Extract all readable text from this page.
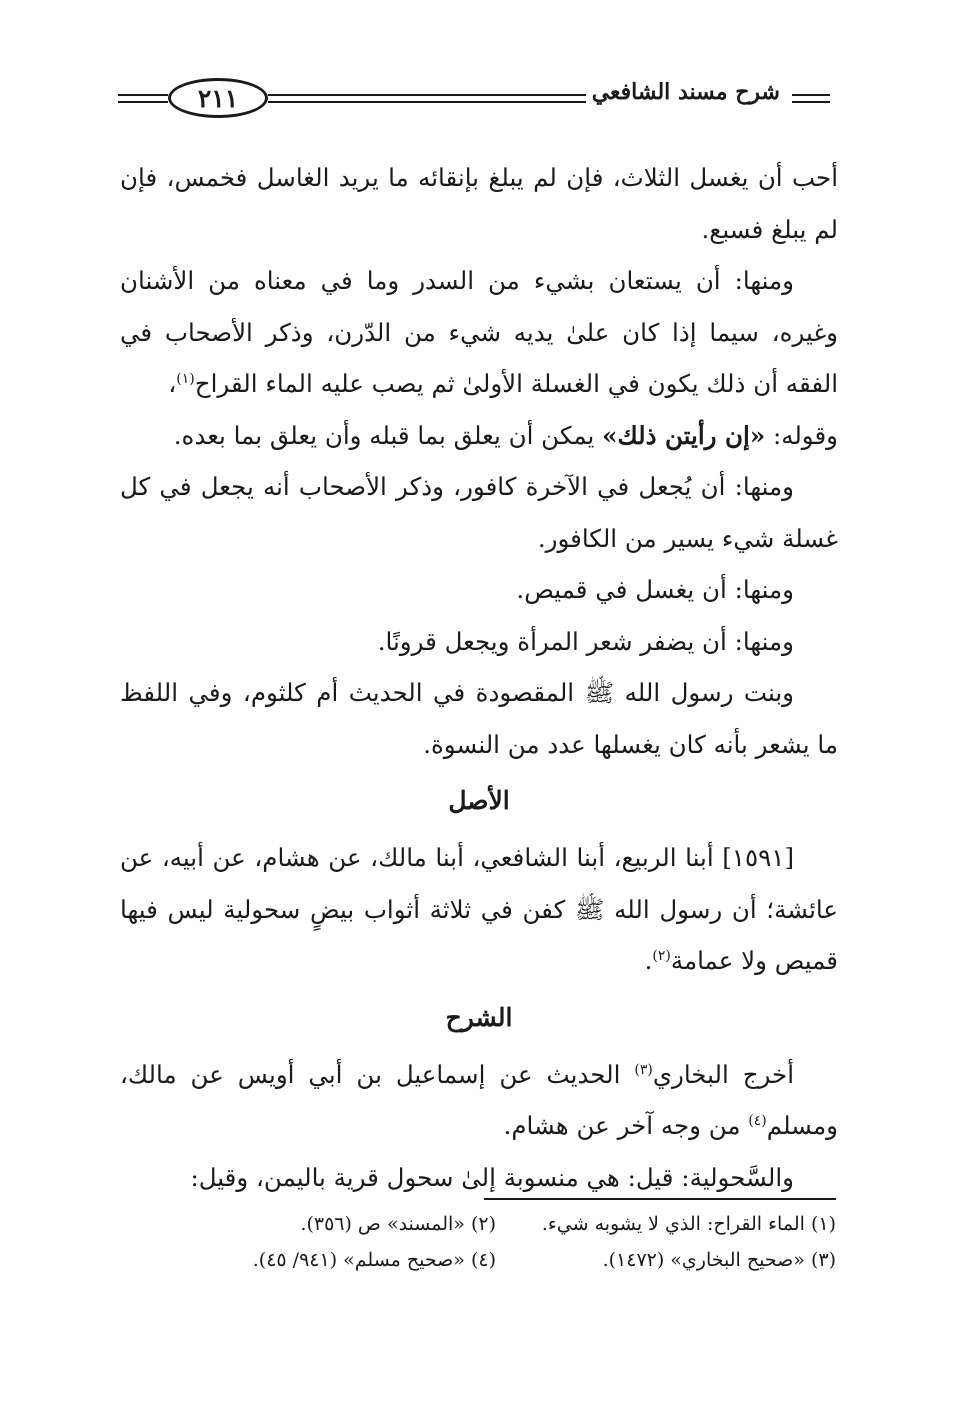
٢١١	شرح مسند الشافعي

أحب أن يغسل الثلاث، فإن لم يبلغ بإنقائه ما يريد الغاسل فخمس، فإن لم يبلغ فسبع.

ومنها: أن يستعان بشيء من السدر وما في معناه من الأشنان وغيره، سيما إذا كان علىٰ يديه شيء من الدّرن، وذكر الأصحاب في الفقه أن ذلك يكون في الغسلة الأولىٰ ثم يصب عليه الماء القراح$^{(١)}$،

وقوله: «إن رأيتن ذلك» يمكن أن يعلق بما قبله وأن يعلق بما بعده.

ومنها: أن يُجعل في الآخرة كافور، وذكر الأصحاب أنه يجعل في كل غسلة شيء يسير من الكافور.

ومنها: أن يغسل في قميص.

ومنها: أن يضفر شعر المرأة ويجعل قرونًا.

وبنت رسول الله ﷺ المقصودة في الحديث أم كلثوم، وفي اللفظ ما يشعر بأنه كان يغسلها عدد من النسوة.

الأصل

[١٥٩١] أبنا الربيع، أبنا الشافعي، أبنا مالك، عن هشام، عن أبيه، عن عائشة؛ أن رسول الله ﷺ كفن في ثلاثة أثواب بيضٍ سحولية ليس فيها قميص ولا عمامة$^{(٢)}$.

الشرح

أخرج البخاري$^{(٣)}$ الحديث عن إسماعيل بن أبي أويس عن مالك، ومسلم$^{(٤)}$ من وجه آخر عن هشام.

والسَّحولية: قيل: هي منسوبة إلىٰ سحول قرية باليمن، وقيل:

(١) الماء القراح: الذي لا يشوبه شيء.
(٢) «المسند» ص (٣٥٦).
(٣) «صحيح البخاري» (١٤٧٢).
(٤) «صحيح مسلم» (٩٤١/ ٤٥).
